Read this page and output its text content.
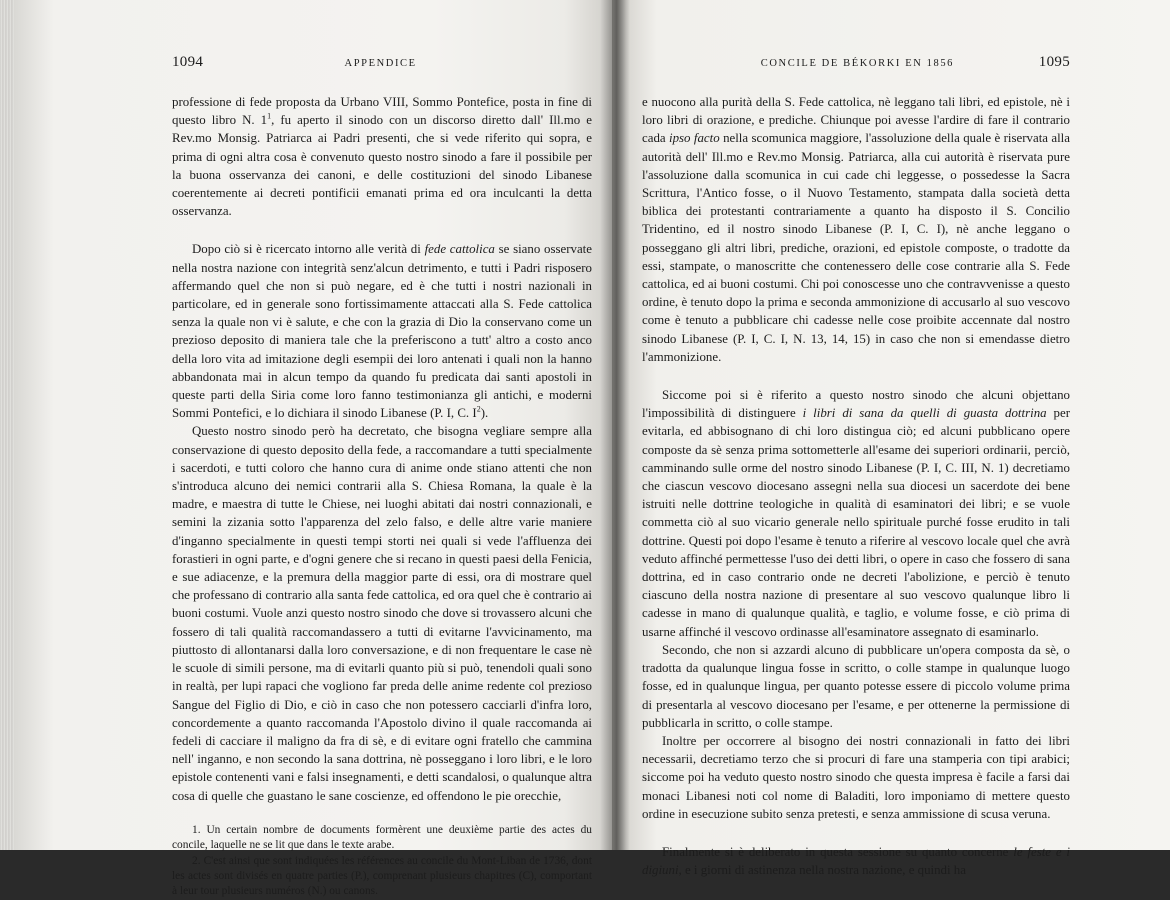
1094	APPENDICE

professione di fede proposta da Urbano VIII, Sommo Pontefice, posta in fine di questo libro N. $1^1$, fu aperto il sinodo con un discorso diretto dall' Ill.mo e Rev.mo Monsig. Patriarca ai Padri presenti, che si vede riferito qui sopra, e prima di ogni altra cosa è convenuto questo nostro sinodo a fare il possibile per la buona osservanza dei canoni, e delle costituzioni del sinodo Libanese coerentemente ai decreti pontificii emanati prima ed ora inculcanti la detta osservanza.

Dopo ciò si è ricercato intorno alle verità di fede cattolica se siano osservate nella nostra nazione con integrità senz'alcun detrimento, e tutti i Padri risposero affermando quel che non si può negare, ed è che tutti i nostri nazionali in particolare, ed in generale sono fortissimamente attaccati alla S. Fede cattolica senza la quale non vi è salute, e che con la grazia di Dio la conservano come un prezioso deposito di maniera tale che la preferiscono a tutt' altro a costo anco della loro vita ad imitazione degli esempii dei loro antenati i quali non la hanno abbandonata mai in alcun tempo da quando fu predicata dai santi apostoli in queste parti della Siria come loro fanno testimonianza gli antichi, e moderni Sommi Pontefici, e lo dichiara il sinodo Libanese (P. I, C. $I^2$).

Questo nostro sinodo però ha decretato, che bisogna vegliare sempre alla conservazione di questo deposito della fede, a raccomandare a tutti specialmente i sacerdoti, e tutti coloro che hanno cura di anime onde stiano attenti che non s'introduca alcuno dei nemici contrarii alla S. Chiesa Romana, la quale è la madre, e maestra di tutte le Chiese, nei luoghi abitati dai nostri connazionali, e semini la zizania sotto l'apparenza del zelo falso, e delle altre varie maniere d'inganno specialmente in questi tempi storti nei quali si vede l'affluenza dei forastieri in ogni parte, e d'ogni genere che si recano in questi paesi della Fenicia, e sue adiacenze, e la premura della maggior parte di essi, ora di mostrare quel che professano di contrario alla santa fede cattolica, ed ora quel che è contrario ai buoni costumi. Vuole anzi questo nostro sinodo che dove si trovassero alcuni che fossero di tali qualità raccomandassero a tutti di evitarne l'avvicinamento, ma piuttosto di allontanarsi dalla loro conversazione, e di non frequentare le case nè le scuole di simili persone, ma di evitarli quanto più si può, tenendoli quali sono in realtà, per lupi rapaci che vogliono far preda delle anime redente col prezioso Sangue del Figlio di Dio, e ciò in caso che non potessero cacciarli d'infra loro, concordemente a quanto raccomanda l'Apostolo divino il quale raccomanda ai fedeli di cacciare il maligno da fra di sè, e di evitare ogni fratello che cammina nell' inganno, e non secondo la sana dottrina, nè posseggano i loro libri, e le loro epistole contenenti vani e falsi insegnamenti, e detti scandalosi, o qualunque altra cosa di quelle che guastano le sane coscienze, ed offendono le pie orecchie,

1. Un certain nombre de documents formèrent une deuxième partie des actes du concile, laquelle ne se lit que dans le texte arabe.

2. C'est ainsi que sont indiquées les références au concile du Mont-Liban de 1736, dont les actes sont divisés en quatre parties (P.), comprenant plusieurs chapitres (C), comportant à leur tour plusieurs numéros (N.) ou canons.

CONCILE DE BÉKORKI EN 1856	1095

e nuocono alla purità della S. Fede cattolica, nè leggano tali libri, ed epistole, nè i loro libri di orazione, e prediche. Chiunque poi avesse l'ardire di fare il contrario cada ipso facto nella scomunica maggiore, l'assoluzione della quale è riservata alla autorità dell' Ill.mo e Rev.mo Monsig. Patriarca, alla cui autorità è riservata pure l'assoluzione dalla scomunica in cui cade chi leggesse, o possedesse la Sacra Scrittura, l'Antico fosse, o il Nuovo Testamento, stampata dalla società detta biblica dei protestanti contrariamente a quanto ha disposto il S. Concilio Tridentino, ed il nostro sinodo Libanese (P. I, C. I), nè anche leggano o posseggano gli altri libri, prediche, orazioni, ed epistole composte, o tradotte da essi, stampate, o manoscritte che contenessero delle cose contrarie alla S. Fede cattolica, ed ai buoni costumi. Chi poi conoscesse uno che contravvenisse a questo ordine, è tenuto dopo la prima e seconda ammonizione di accusarlo al suo vescovo come è tenuto a pubblicare chi cadesse nelle cose proibite accennate dal nostro sinodo Libanese (P. I, C. I, N. 13, 14, 15) in caso che non si emendasse dietro l'ammonizione.

Siccome poi si è riferito a questo nostro sinodo che alcuni objettano l'impossibilità di distinguere i libri di sana da quelli di guasta dottrina per evitarla, ed abbisognano di chi loro distingua ciò; ed alcuni pubblicano opere composte da sè senza prima sottometterle all'esame dei superiori ordinarii, perciò, camminando sulle orme del nostro sinodo Libanese (P. I, C. III, N. 1) decretiamo che ciascun vescovo diocesano assegni nella sua diocesi un sacerdote dei bene istruiti nelle dottrine teologiche in qualità di esaminatori dei libri; e se vuole commetta ciò al suo vicario generale nello spirituale purché fosse erudito in tali dottrine. Questi poi dopo l'esame è tenuto a riferire al vescovo locale quel che avrà veduto affinché permettesse l'uso dei detti libri, o opere in caso che fossero di sana dottrina, ed in caso contrario onde ne decreti l'abolizione, e perciò è tenuto ciascuno della nostra nazione di presentare al suo vescovo qualunque libro li cadesse in mano di qualunque qualità, e taglio, e volume fosse, e ciò prima di usarne affinché il vescovo ordinasse all'esaminatore assegnato di esaminarlo.

Secondo, che non si azzardi alcuno di pubblicare un'opera composta da sè, o tradotta da qualunque lingua fosse in scritto, o colle stampe in qualunque luogo fosse, ed in qualunque lingua, per quanto potesse essere di piccolo volume prima di presentarla al vescovo diocesano per l'esame, e per ottenerne la permissione di pubblicarla in scritto, o colle stampe.

Inoltre per occorrere al bisogno dei nostri connazionali in fatto dei libri necessarii, decretiamo terzo che si procuri di fare una stamperia con tipi arabici; siccome poi ha veduto questo nostro sinodo che questa impresa è facile a farsi dai monaci Libanesi noti col nome di Baladiti, loro imponiamo di mettere questo ordine in esecuzione subito senza pretesti, e senza ammissione di scusa veruna.

Finalmente si è deliberato in questa sessione su quanto concerne le feste e i digiuni, e i giorni di astinenza nella nostra nazione, e quindi ha
